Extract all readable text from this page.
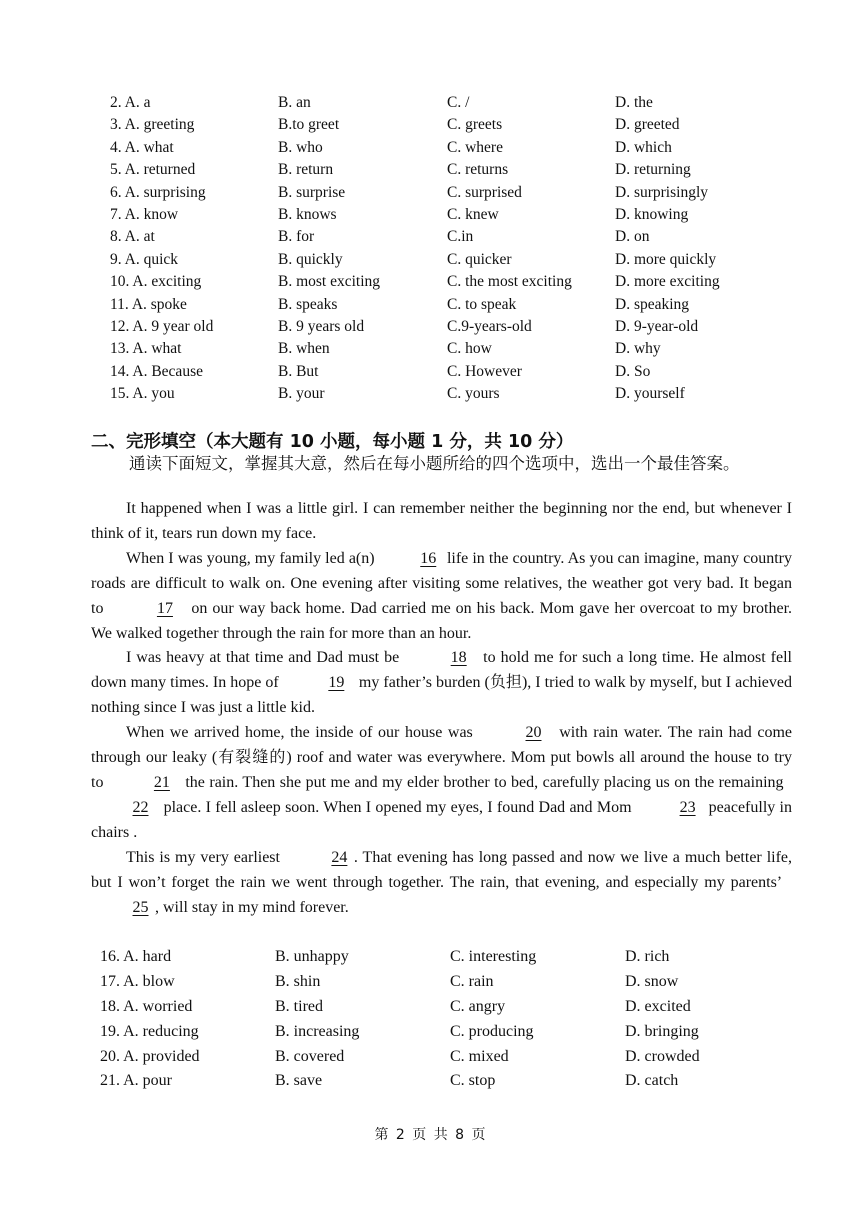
2. A. a	B. an	C. /	D. the
3. A. greeting	B.to greet	C. greets	D. greeted
4. A. what	B. who	C. where	D. which
5. A. returned	B. return	C. returns	D. returning
6. A. surprising	B. surprise	C. surprised	D. surprisingly
7. A. know	B. knows	C. knew	D. knowing
8. A. at	B. for	C.in	D. on
9. A. quick	B. quickly	C. quicker	D. more quickly
10. A. exciting	B. most exciting	C. the most exciting	D. more exciting
11. A. spoke	B. speaks	C. to speak	D. speaking
12. A. 9 year old	B. 9 years old	C.9-years-old	D. 9-year-old
13. A. what	B. when	C. how	D. why
14. A. Because	B. But	C. However	D. So
15. A. you	B. your	C. yours	D. yourself
二、完形填空（本大题有 10 小题，每小题 1 分，共 10 分）
通读下面短文，掌握其大意，然后在每小题所给的四个选项中，选出一个最佳答案。

It happened when I was a little girl. I can remember neither the beginning nor the end, but whenever I think of it, tears run down my face.

When I was young, my family led a(n)	16 life in the country. As you can imagine, many country roads are difficult to walk on. One evening after visiting some relatives, the weather got very bad. It began to	17 on our way back home. Dad carried me on his back. Mom gave her overcoat to my brother. We walked together through the rain for more than an hour.

I was heavy at that time and Dad must be	18 to hold me for such a long time. He almost fell down many times. In hope of	19 my father’s burden (负担), I tried to walk by myself, but I achieved nothing since I was just a little kid.

When we arrived home, the inside of our house was	20 with rain water. The rain had come through our leaky (有裂缝的) roof and water was everywhere. Mom put bowls all around the house to try to	21 the rain. Then she put me and my elder brother to bed, carefully placing us on the remaining  22 place. I fell asleep soon. When I opened my eyes, I found Dad and Mom	23 peacefully in chairs .

This is my very earliest	24 . That evening has long passed and now we live a much better life, but I won’t forget the rain we went through together. The rain, that evening, and especially my parents’  25 , will stay in my mind forever.

16. A. hard	B. unhappy	C. interesting	D. rich
17. A. blow	B. shin	C. rain	D. snow
18. A. worried	B. tired	C. angry	D. excited
19. A. reducing	B. increasing	C. producing	D. bringing
20. A. provided	B. covered	C. mixed	D. crowded
21. A. pour	B. save	C. stop	D. catch
第 2 页 共 8 页
